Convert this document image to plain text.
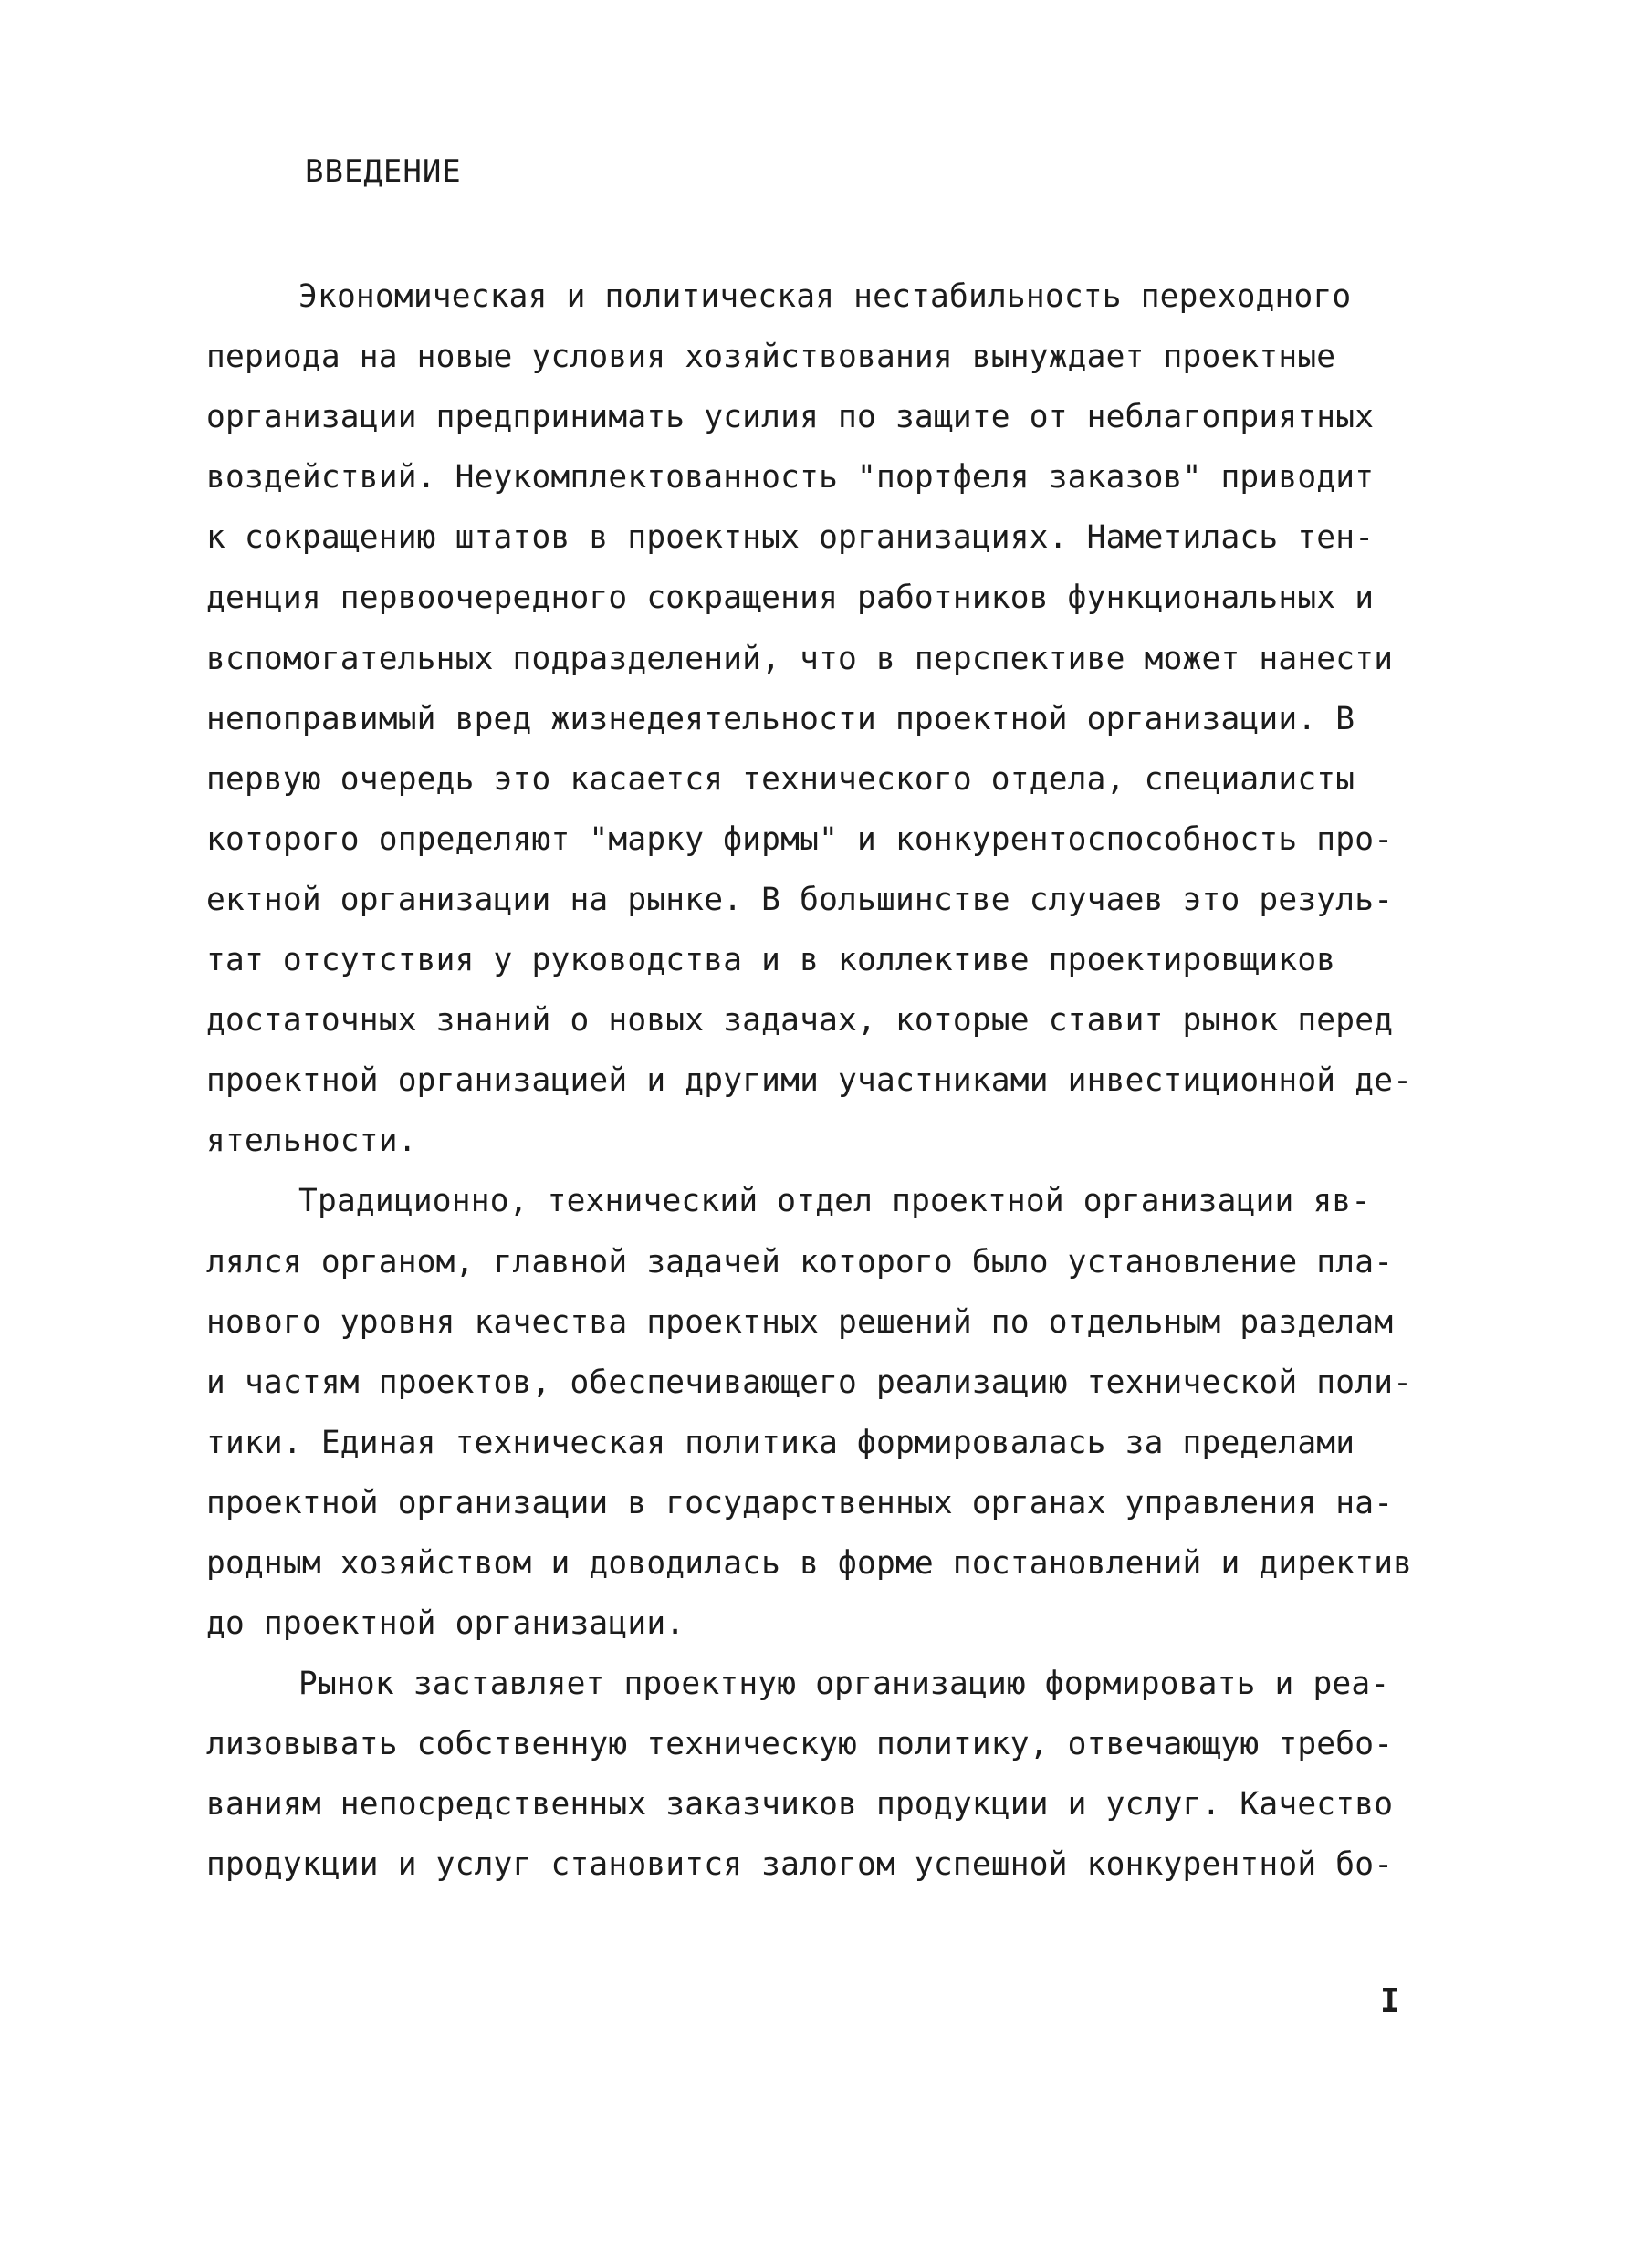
ВВЕДЕНИЕ
Экономическая и политическая нестабильность переходного
периода на новые условия хозяйствования вынуждает проектные
организации предпринимать усилия по защите от неблагоприятных
воздействий. Неукомплектованность "портфеля заказов" приводит
к сокращению штатов в проектных организациях. Наметилась тен-
денция первоочередного сокращения работников функциональных и
вспомогательных подразделений, что в перспективе может нанести
непоправимый вред жизнедеятельности проектной организации. В
первую очередь это касается технического отдела, специалисты
которого определяют "марку фирмы" и конкурентоспособность про-
ектной организации на рынке. В большинстве случаев это резуль-
тат отсутствия у руководства и в коллективе проектировщиков
достаточных знаний о новых задачах, которые ставит рынок перед
проектной организацией и другими участниками инвестиционной де-
ятельности.
Традиционно, технический отдел проектной организации яв-
лялся органом, главной задачей которого было установление пла-
нового уровня качества проектных решений по отдельным разделам
и частям проектов, обеспечивающего реализацию технической поли-
тики. Единая техническая политика формировалась за пределами
проектной организации в государственных органах управления на-
родным хозяйством и доводилась в форме постановлений и директив
до проектной организации.
Рынок заставляет проектную организацию формировать и реа-
лизовывать собственную техническую политику, отвечающую требо-
ваниям непосредственных заказчиков продукции и услуг. Качество
продукции и услуг становится залогом успешной конкурентной бо-
I
